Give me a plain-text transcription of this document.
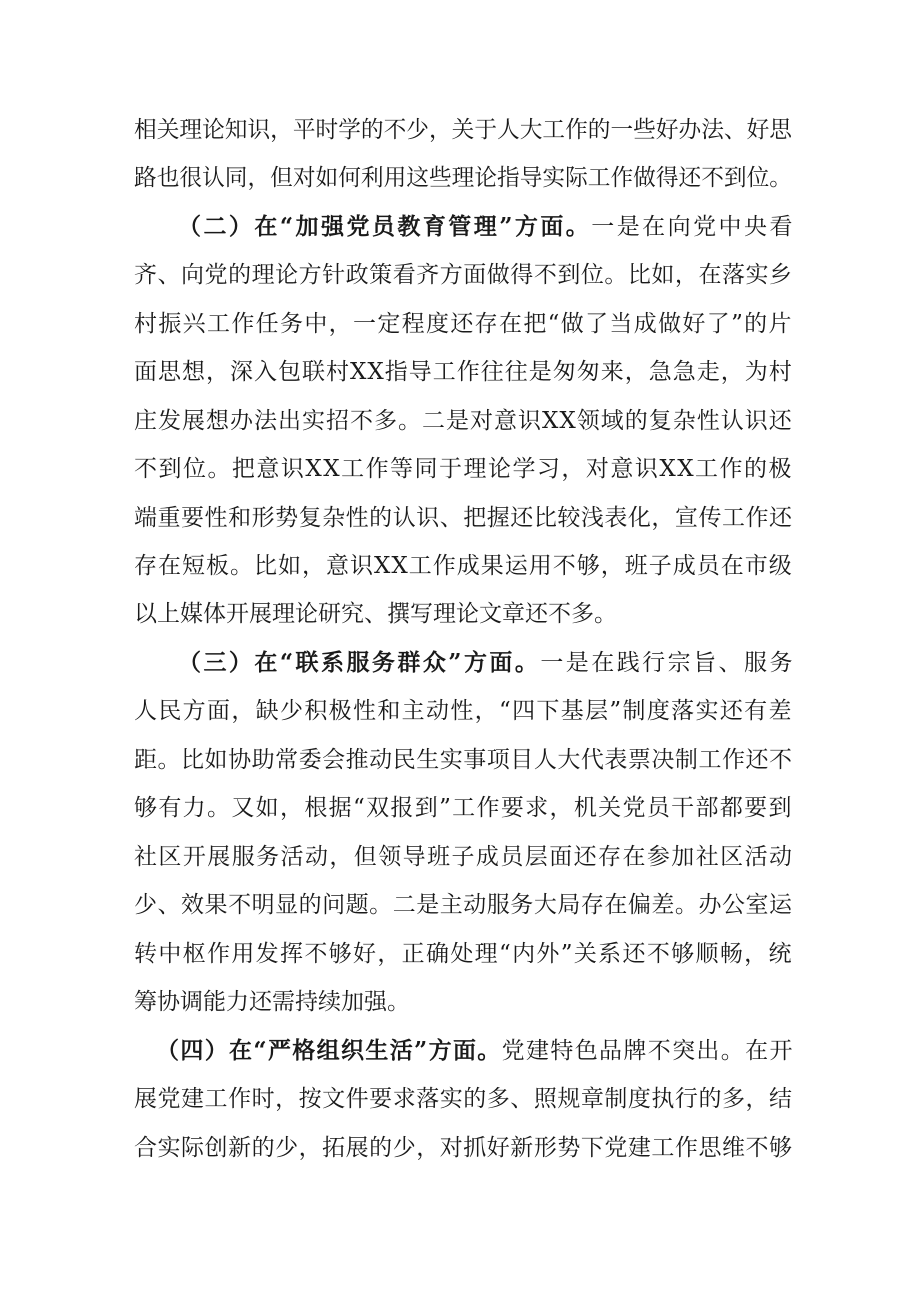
相关理论知识，平时学的不少，关于人大工作的一些好办法、好思

路也很认同，但对如何利用这些理论指导实际工作做得还不到位。

（二）在“加强党员教育管理”方面。一是在向党中央看

齐、向党的理论方针政策看齐方面做得不到位。比如，在落实乡

村振兴工作任务中，一定程度还存在把“做了当成做好了”的片

面思想，深入包联村XX指导工作往往是匆匆来，急急走，为村

庄发展想办法出实招不多。二是对意识XX领域的复杂性认识还

不到位。把意识XX工作等同于理论学习，对意识XX工作的极

端重要性和形势复杂性的认识、把握还比较浅表化，宣传工作还

存在短板。比如，意识XX工作成果运用不够，班子成员在市级

以上媒体开展理论研究、撰写理论文章还不多。

（三）在“联系服务群众”方面。一是在践行宗旨、服务

人民方面，缺少积极性和主动性，“四下基层”制度落实还有差

距。比如协助常委会推动民生实事项目人大代表票决制工作还不

够有力。又如，根据“双报到”工作要求，机关党员干部都要到

社区开展服务活动，但领导班子成员层面还存在参加社区活动

少、效果不明显的问题。二是主动服务大局存在偏差。办公室运

转中枢作用发挥不够好，正确处理“内外”关系还不够顺畅，统

筹协调能力还需持续加强。

（四）在“严格组织生活”方面。党建特色品牌不突出。在开

展党建工作时，按文件要求落实的多、照规章制度执行的多，结

合实际创新的少，拓展的少，对抓好新形势下党建工作思维不够
